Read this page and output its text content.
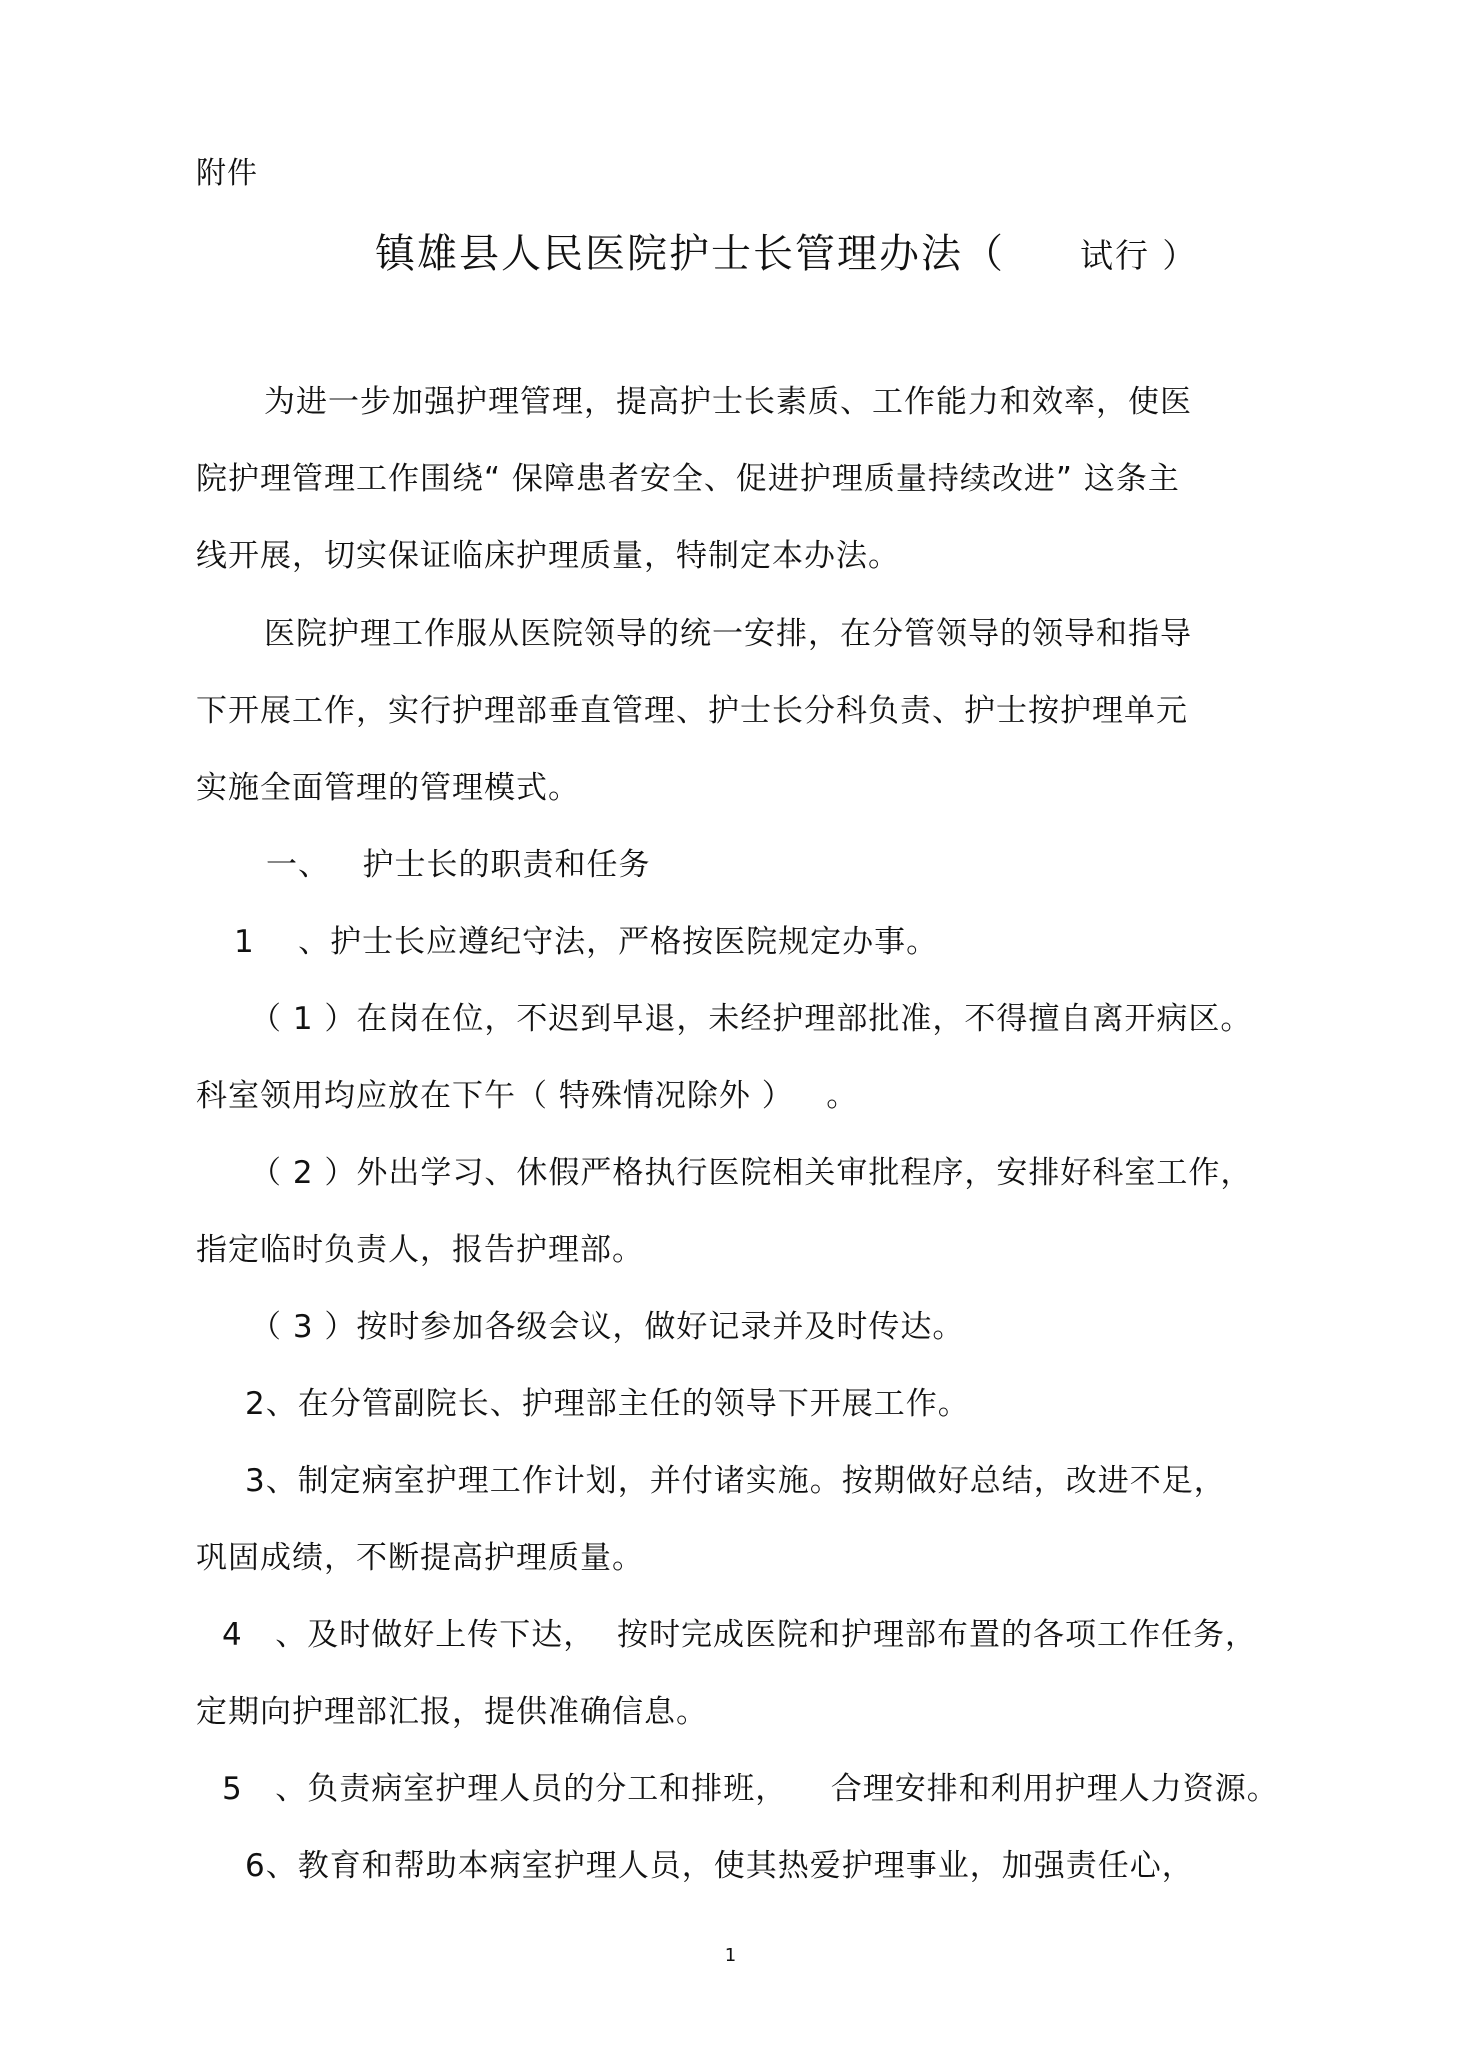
附件
镇雄县人民医院护士长管理办法（      试行 ）
为进一步加强护理管理，提高护士长素质、工作能力和效率，使医
院护理管理工作围绕“ 保障患者安全、促进护理质量持续改进” 这条主
线开展，切实保证临床护理质量，特制定本办法。
医院护理工作服从医院领导的统一安排，在分管领导的领导和指导
下开展工作，实行护理部垂直管理、护士长分科负责、护士按护理单元
实施全面管理的管理模式。
一、   护士长的职责和任务
1    、护士长应遵纪守法，严格按医院规定办事。
（ 1 ）在岗在位，不迟到早退，未经护理部批准，不得擅自离开病区。
科室领用均应放在下午（ 特殊情况除外 ）   。
（ 2 ）外出学习、休假严格执行医院相关审批程序，安排好科室工作，
指定临时负责人，报告护理部。
（ 3 ）按时参加各级会议，做好记录并及时传达。
2、在分管副院长、护理部主任的领导下开展工作。
3、制定病室护理工作计划，并付诸实施。按期做好总结，改进不足，
巩固成绩，不断提高护理质量。
4   、及时做好上传下达，  按时完成医院和护理部布置的各项工作任务，
定期向护理部汇报，提供准确信息。
5   、负责病室护理人员的分工和排班，    合理安排和利用护理人力资源。
6、教育和帮助本病室护理人员，使其热爱护理事业，加强责任心，
1
